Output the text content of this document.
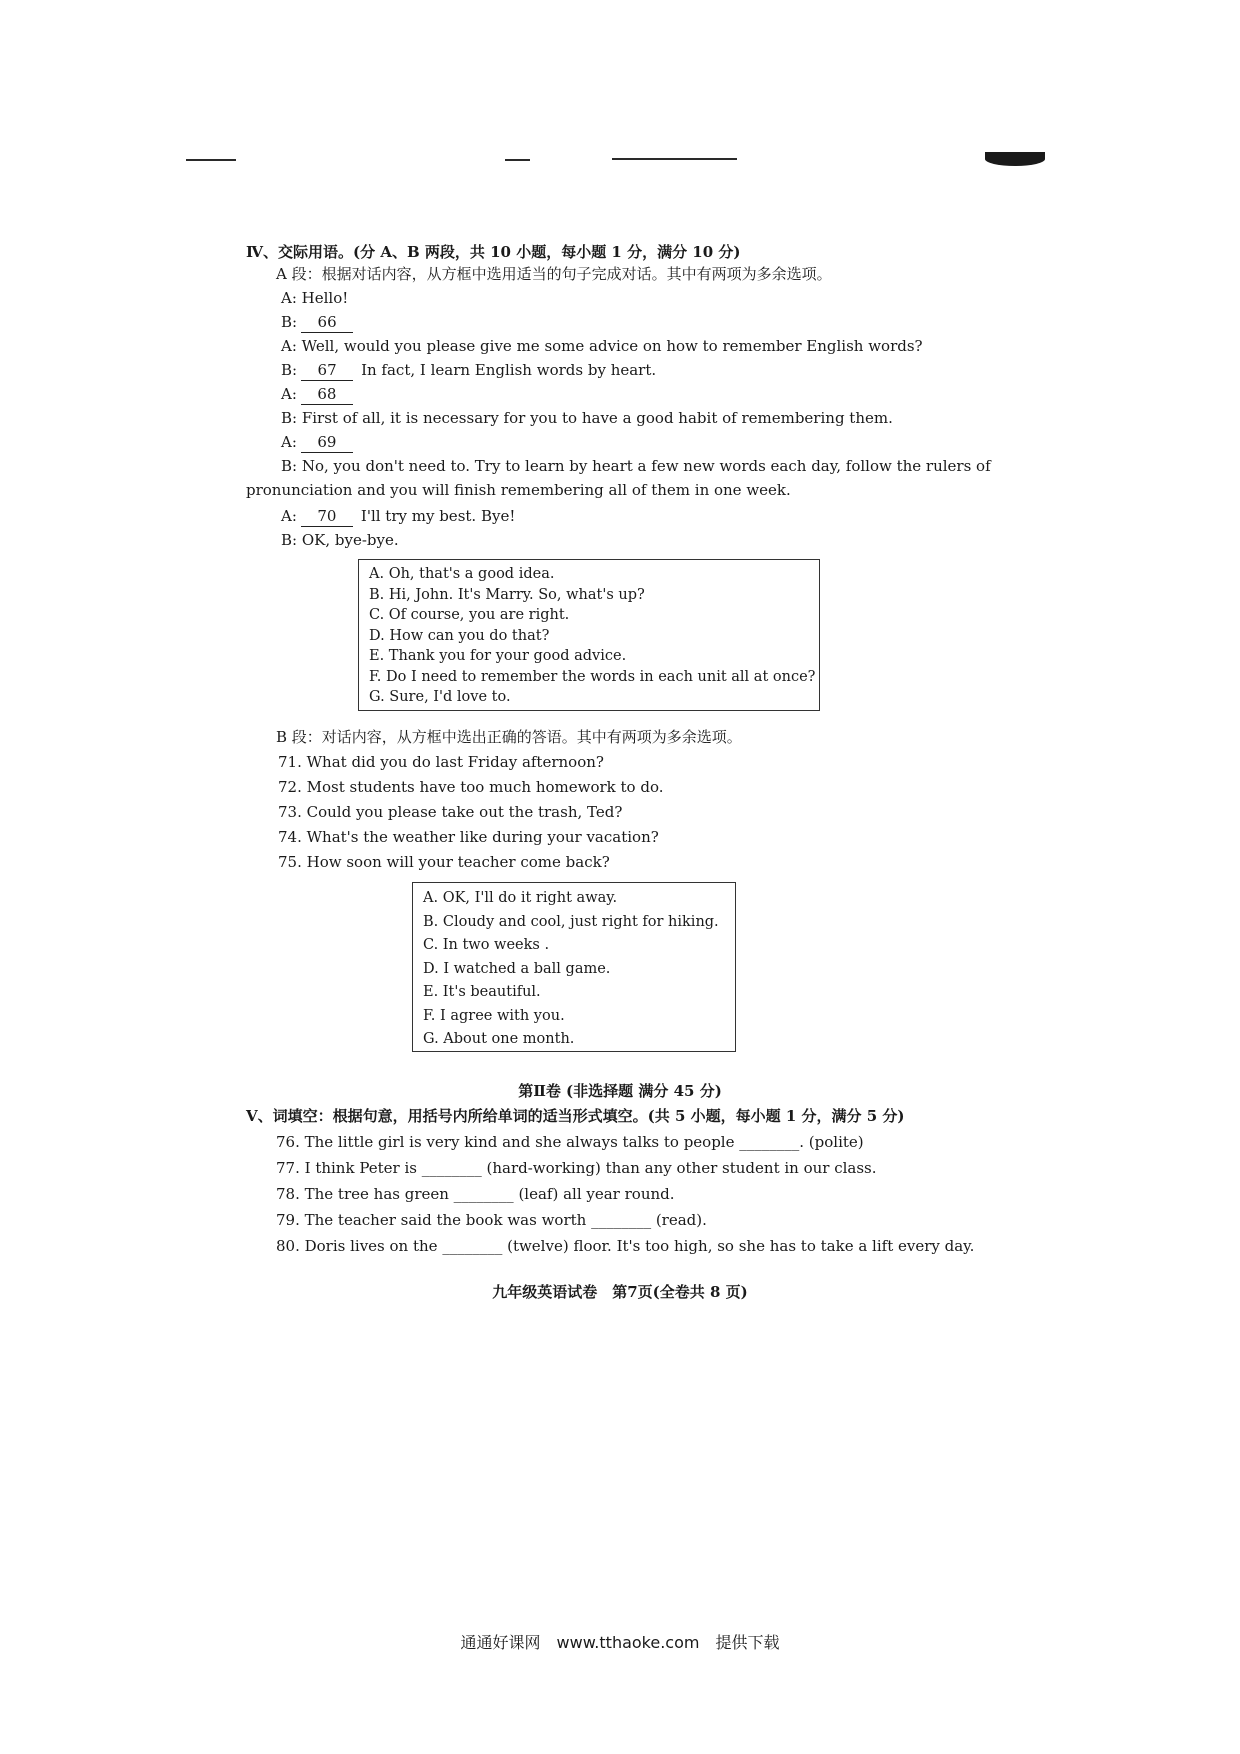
Ⅳ、交际用语。(分 A、B 两段，共 10 小题，每小题 1 分，满分 10 分)
A 段：根据对话内容，从方框中选用适当的句子完成对话。其中有两项为多余选项。
A: Hello!
B: 66
A: Well, would you please give me some advice on how to remember English words?
B: 67 In fact, I learn English words by heart.
A: 68
B: First of all, it is necessary for you to have a good habit of remembering them.
A: 69
B: No, you don't need to. Try to learn by heart a few new words each day, follow the rulers of
pronunciation and you will finish remembering all of them in one week.
A: 70 I'll try my best. Bye!
B: OK, bye-bye.
A. Oh, that's a good idea.
B. Hi, John. It's Marry. So, what's up?
C. Of course, you are right.
D. How can you do that?
E. Thank you for your good advice.
F. Do I need to remember the words in each unit all at once?
G. Sure, I'd love to.
B 段：对话内容，从方框中选出正确的答语。其中有两项为多余选项。
71. What did you do last Friday afternoon?
72. Most students have too much homework to do.
73. Could you please take out the trash, Ted?
74. What's the weather like during your vacation?
75. How soon will your teacher come back?
A. OK, I'll do it right away.
B. Cloudy and cool, just right for hiking.
C. In two weeks .
D. I watched a ball game.
E. It's beautiful.
F. I agree with you.
G. About one month.
第Ⅱ卷 (非选择题 满分 45 分)
Ⅴ、词填空：根据句意，用括号内所给单词的适当形式填空。(共 5 小题，每小题 1 分，满分 5 分)
76. The little girl is very kind and she always talks to people ________. (polite)
77. I think Peter is ________ (hard-working) than any other student in our class.
78. The tree has green ________ (leaf) all year round.
79. The teacher said the book was worth ________ (read).
80. Doris lives on the ________ (twelve) floor. It's too high, so she has to take a lift every day.
九年级英语试卷　第7页(全卷共 8 页)
通通好课网　www.tthaoke.com　提供下载
